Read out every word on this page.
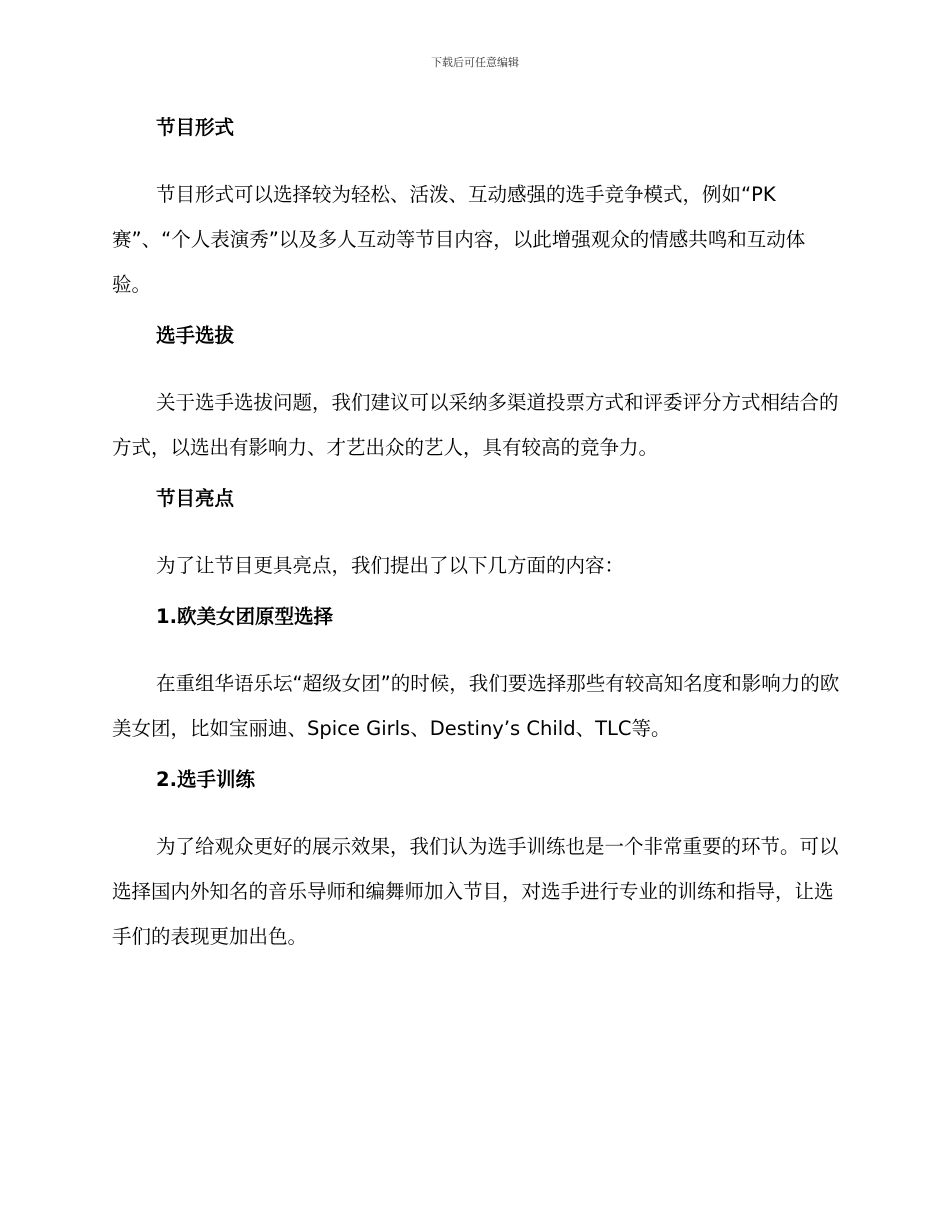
下载后可任意编辑
节目形式

节目形式可以选择较为轻松、活泼、互动感强的选手竞争模式，例如“PK赛”、“个人表演秀”以及多人互动等节目内容，以此增强观众的情感共鸣和互动体验。

选手选拔

关于选手选拔问题，我们建议可以采纳多渠道投票方式和评委评分方式相结合的方式，以选出有影响力、才艺出众的艺人，具有较高的竞争力。

节目亮点

为了让节目更具亮点，我们提出了以下几方面的内容：

1.欧美女团原型选择

在重组华语乐坛“超级女团”的时候，我们要选择那些有较高知名度和影响力的欧美女团，比如宝丽迪、Spice Girls、Destiny’s Child、TLC等。

2.选手训练

为了给观众更好的展示效果，我们认为选手训练也是一个非常重要的环节。可以选择国内外知名的音乐导师和编舞师加入节目，对选手进行专业的训练和指导，让选手们的表现更加出色。
